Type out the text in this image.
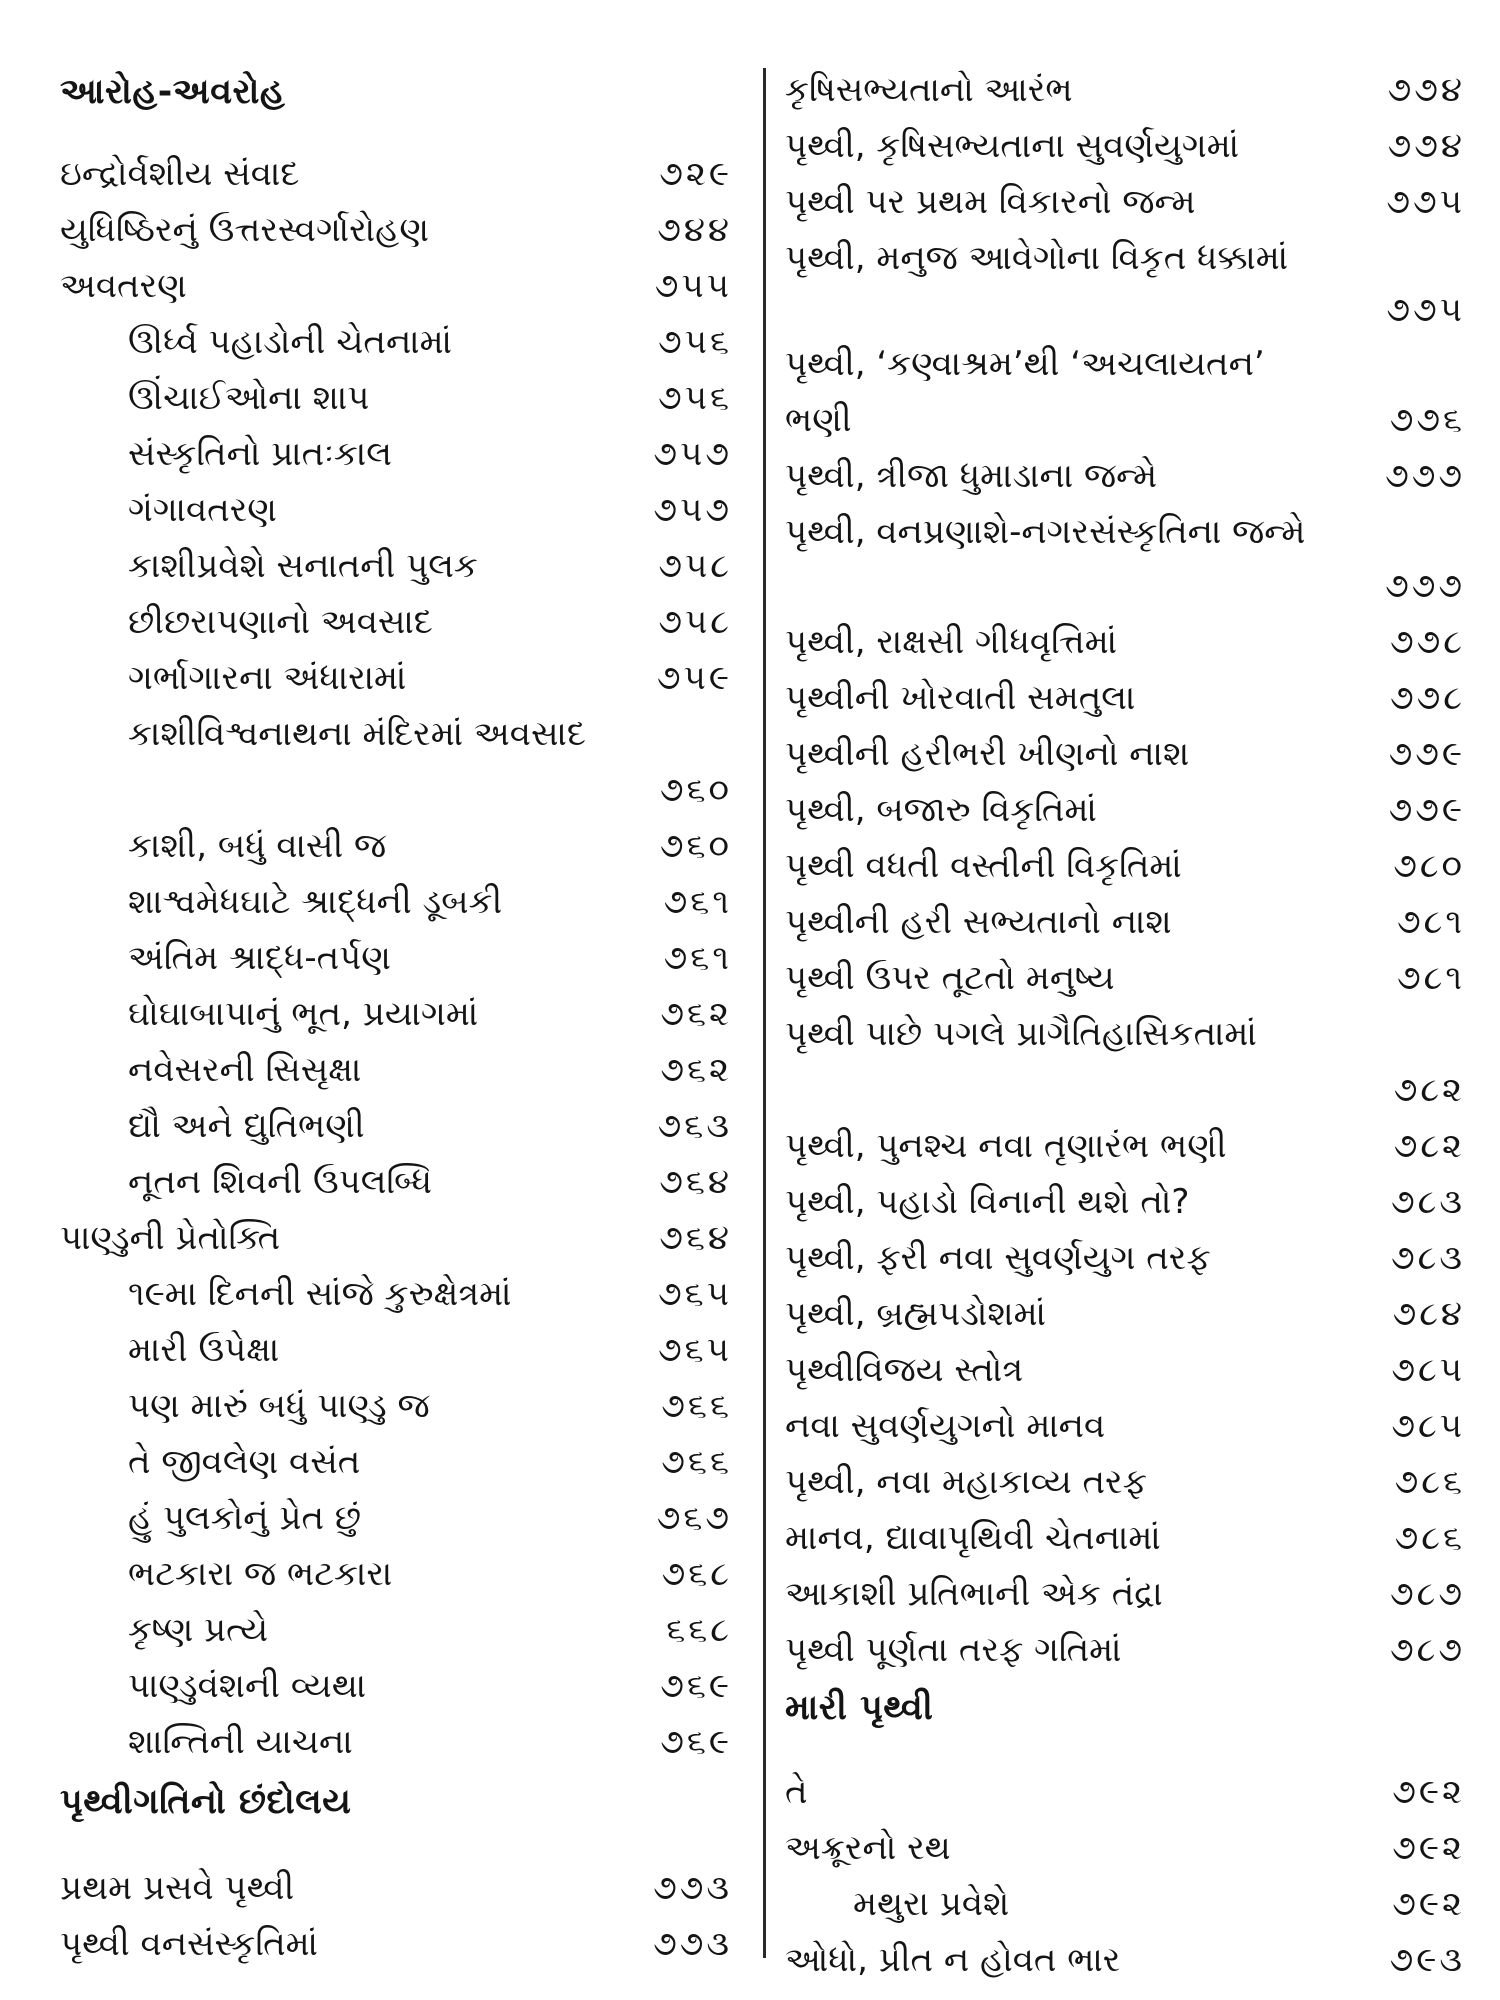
આરોહ-અવરોહ
ઇન્દ્રોર્વશીય સંવાદ	૭૨૯
યુધિષ્ઠિરનું ઉત્તરસ્વર્ગારોહણ	૭૪૪
અવતરણ	૭૫૫
ઊર્ધ્વ પહાડોની ચેતનામાં	૭૫૬
ઊંચાઈઓના શાપ	૭૫૬
સંસ્કૃતિનો પ્રાતઃકાલ	૭૫૭
ગંગાવતરણ	૭૫૭
કાશીપ્રવેશે સનાતની પુલક	૭૫૮
છીછરાપણાનો અવસાદ	૭૫૮
ગર્ભાગારના અંધારામાં	૭૫૯
કાશીવિશ્વનાથના મંદિરમાં અવસાદ
૭૬૦
કાશી, બધું વાસી જ	૭૬૦
શાશ્વમેધઘાટે શ્રાદ્ધની ડૂબકી	૭૬૧
અંતિમ શ્રાદ્ધ-તર્પણ	૭૬૧
ઘોઘાબાપાનું ભૂત, પ્રયાગમાં	૭૬૨
નવેસરની સિસૃક્ષા	૭૬૨
દ્યૌ અને દ્યુતિભણી	૭૬૩
નૂતન શિવની ઉપલબ્ધિ	૭૬૪
પાણ્ડુની પ્રેતોક્તિ	૭૬૪
૧૯મા દિનની સાંજે કુરુક્ષેત્રમાં	૭૬૫
મારી ઉપેક્ષા	૭૬૫
પણ મારું બધું પાણ્ડુ જ	૭૬૬
તે જીવલેણ વસંત	૭૬૬
હું પુલકોનું પ્રેત છું	૭૬૭
ભટકારા જ ભટકારા	૭૬૮
કૃષ્ણ પ્રત્યે	૬૬૮
પાણ્ડુવંશની વ્યથા	૭૬૯
શાન્તિની યાચના	૭૬૯
પૃથ્વીગતિનો છંદોલય
પ્રથમ પ્રસવે પૃથ્વી	૭૭૩
પૃથ્વી વનસંસ્કૃતિમાં	૭૭૩
કૃષિસભ્યતાનો આરંભ	૭૭૪
પૃથ્વી, કૃષિસભ્યતાના સુવર્ણયુગમાં	૭૭૪
પૃથ્વી પર પ્રથમ વિકારનો જન્મ	૭૭૫
પૃથ્વી, મનુજ આવેગોના વિકૃત ધક્કામાં
૭૭૫
પૃથ્વી, ‘કણ્વાશ્રમ’થી ‘અચલાયતન’
ભણી	૭૭૬
પૃથ્વી, ત્રીજા ધુમાડાના જન્મે	૭૭૭
પૃથ્વી, વનપ્રણાશે-નગરસંસ્કૃતિના જન્મે
૭૭૭
પૃથ્વી, રાક્ષસી ગીધવૃત્તિમાં	૭૭૮
પૃથ્વીની ખોરવાતી સમતુલા	૭૭૮
પૃથ્વીની હરીભરી ખીણનો નાશ	૭૭૯
પૃથ્વી, બજારુ વિકૃતિમાં	૭૭૯
પૃથ્વી વધતી વસ્તીની વિકૃતિમાં	૭૮૦
પૃથ્વીની હરી સભ્યતાનો નાશ	૭૮૧
પૃથ્વી ઉપર તૂટતો મનુષ્ય	૭૮૧
પૃથ્વી પાછે પગલે પ્રાગૈતિહાસિકતામાં
૭૮૨
પૃથ્વી, પુનશ્ચ નવા તૃણારંભ ભણી	૭૮૨
પૃથ્વી, પહાડો વિનાની થશે તો?	૭૮૩
પૃથ્વી, ફરી નવા સુવર્ણયુગ તરફ	૭૮૩
પૃથ્વી, બ્રહ્મપડોશમાં	૭૮૪
પૃથ્વીવિજય સ્તોત્ર	૭૮૫
નવા સુવર્ણયુગનો માનવ	૭૮૫
પૃથ્વી, નવા મહાકાવ્ય તરફ	૭૮૬
માનવ, દ્યાવાપૃથિવી ચેતનામાં	૭૮૬
આકાશી પ્રતિભાની એક તંદ્રા	૭૮૭
પૃથ્વી પૂર્ણતા તરફ ગતિમાં	૭૮૭
મારી પૃથ્વી
તે	૭૯૨
અક્રૂરનો રથ	૭૯૨
મથુરા પ્રવેશે	૭૯૨
ઓધો, પ્રીત ન હોવત ભાર	૭૯૩
